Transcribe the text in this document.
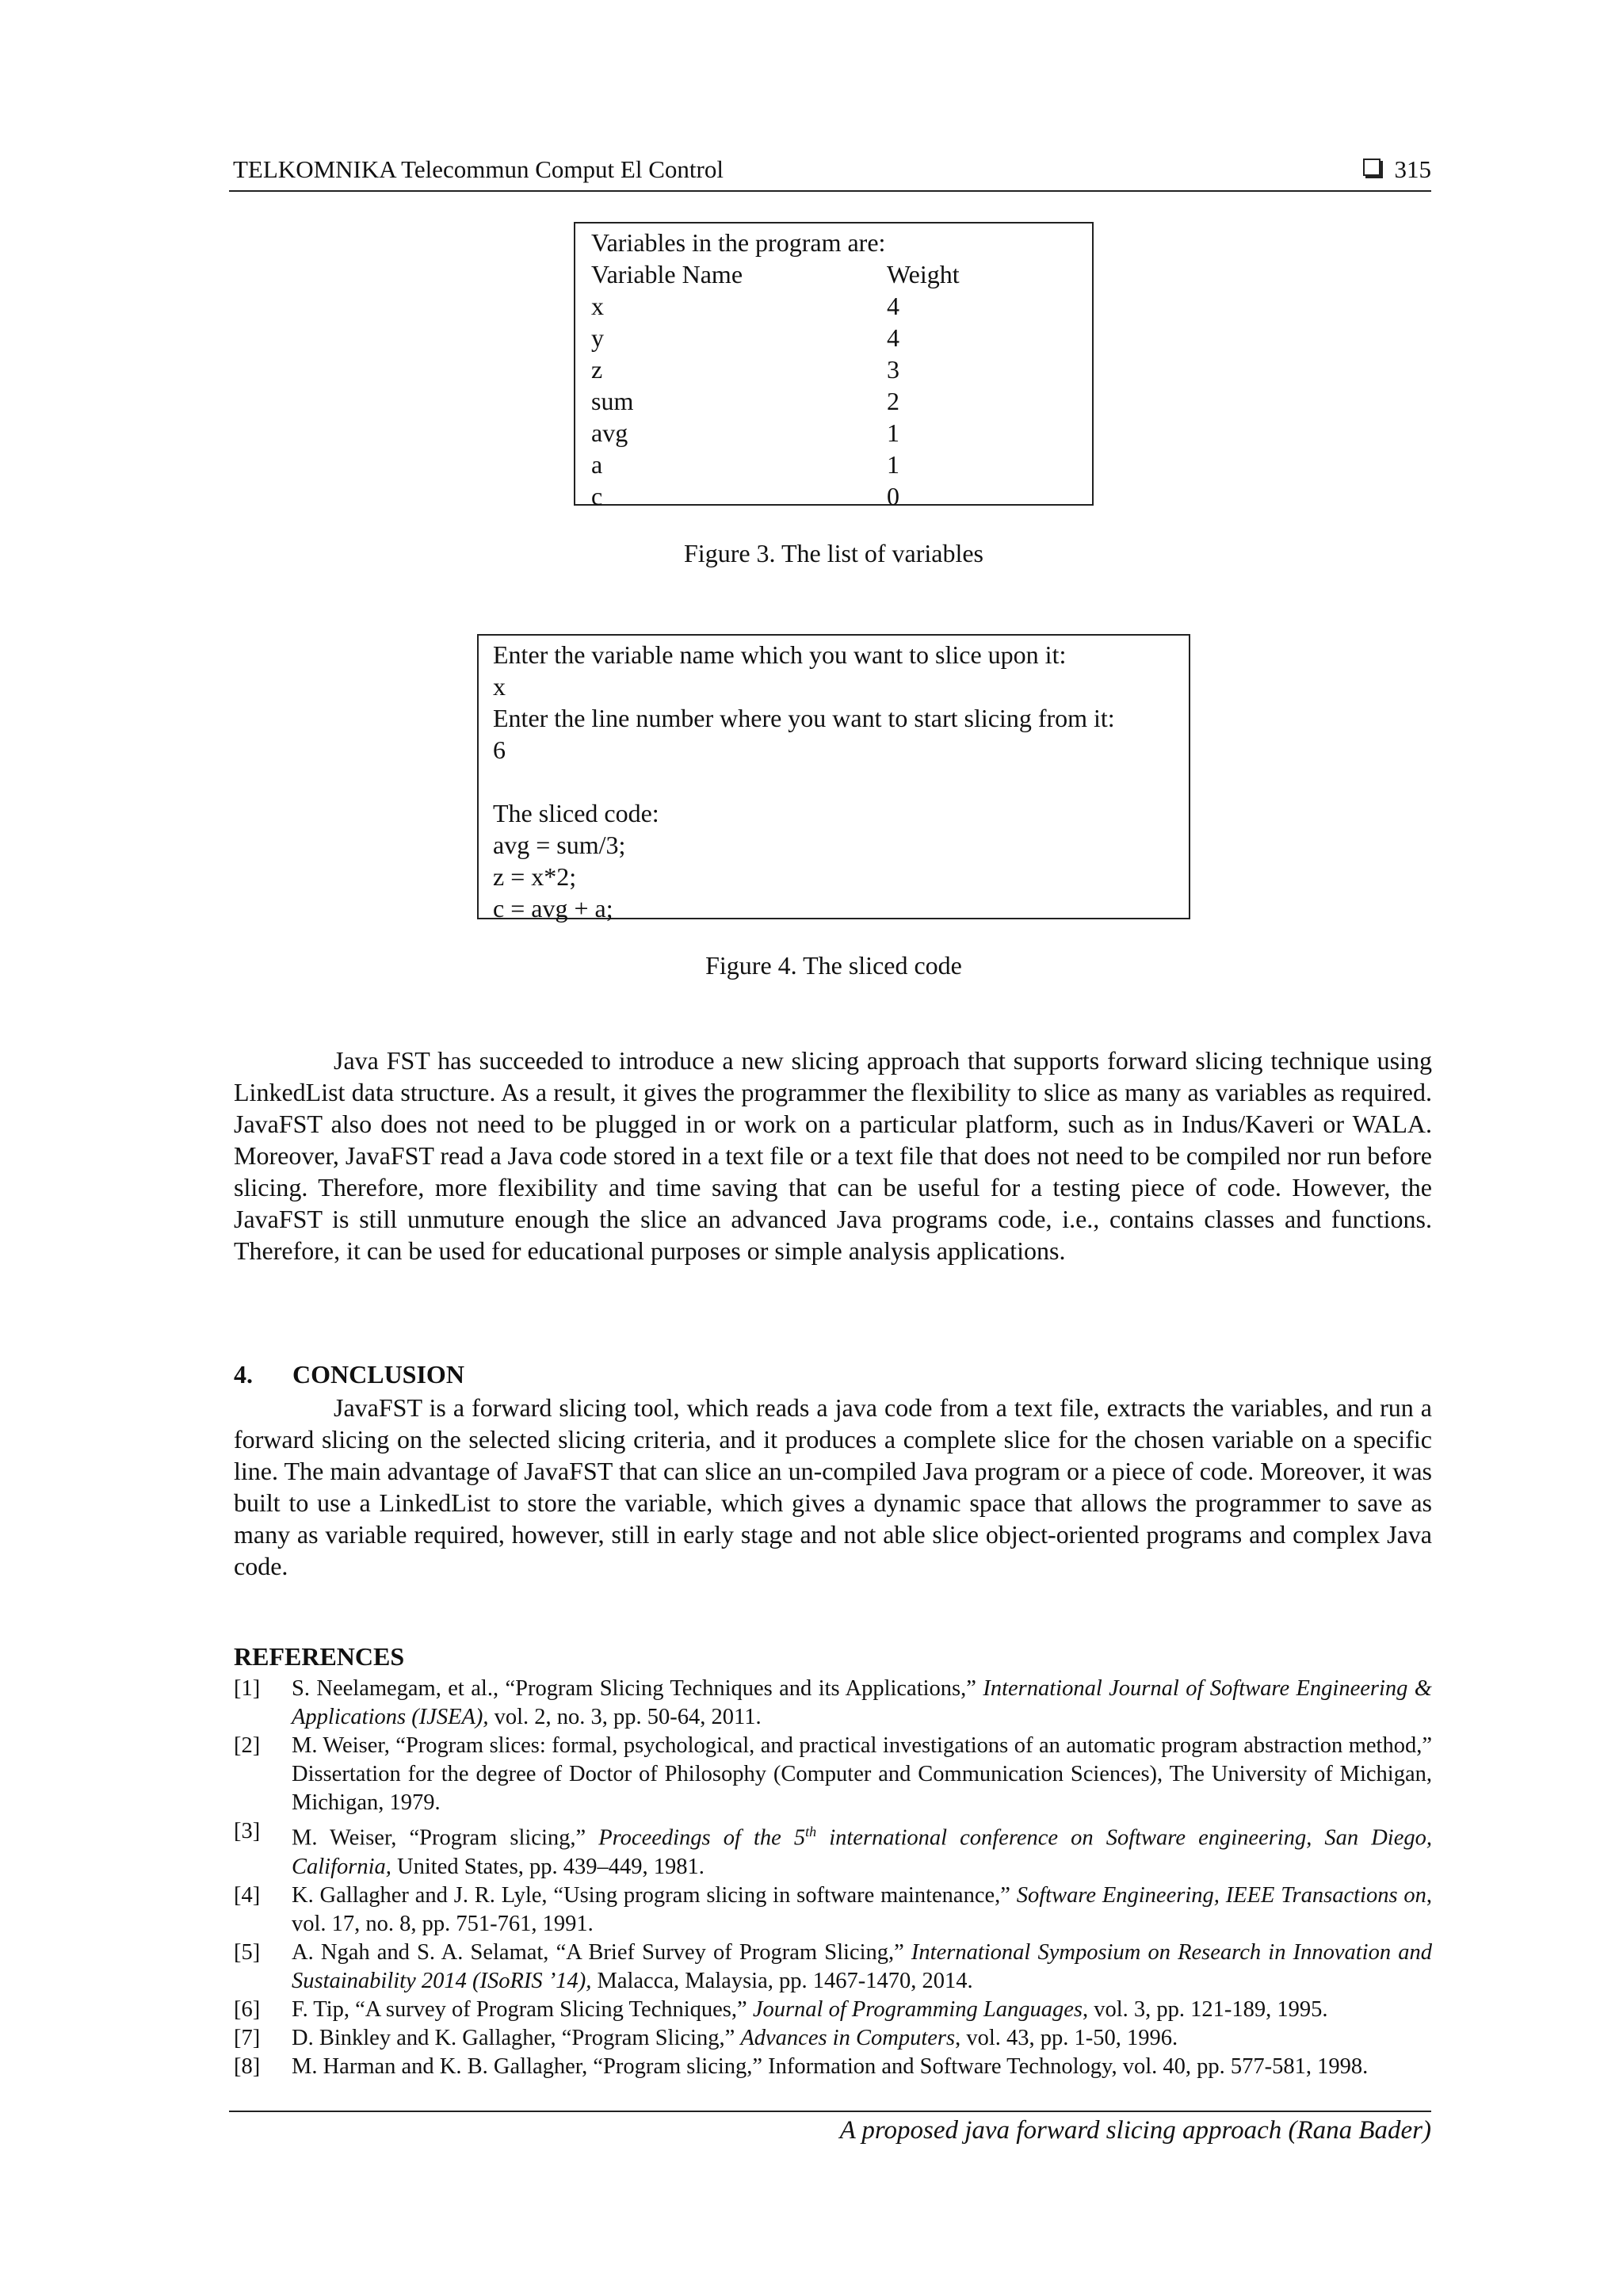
TELKOMNIKA Telecommun Comput El Control	315
Variables in the program are:
Variable Name	Weight
x	4
y	4
z	3
sum	2
avg	1
a	1
c	0
Figure 3. The list of variables
Enter the variable name which you want to slice upon it:
x
Enter the line number where you want to start slicing from it:
6
The sliced code:
avg = sum/3;
z = x*2;
c = avg + a;
Figure 4. The sliced code

Java FST has succeeded to introduce a new slicing approach that supports forward slicing technique using LinkedList data structure. As a result, it gives the programmer the flexibility to slice as many as variables as required. JavaFST also does not need to be plugged in or work on a particular platform, such as in Indus/Kaveri or WALA. Moreover, JavaFST read a Java code stored in a text file or a text file that does not need to be compiled nor run before slicing. Therefore, more flexibility and time saving that can be useful for a testing piece of code. However, the JavaFST is still unmuture enough the slice an advanced Java programs code, i.e., contains classes and functions. Therefore, it can be used for educational purposes or simple analysis applications.

4. CONCLUSION

JavaFST is a forward slicing tool, which reads a java code from a text file, extracts the variables, and run a forward slicing on the selected slicing criteria, and it produces a complete slice for the chosen variable on a specific line. The main advantage of JavaFST that can slice an un-compiled Java program or a piece of code. Moreover, it was built to use a LinkedList to store the variable, which gives a dynamic space that allows the programmer to save as many as variable required, however, still in early stage and not able slice object-oriented programs and complex Java code.

REFERENCES
[1]	S. Neelamegam, et al., “Program Slicing Techniques and its Applications,” International Journal of Software Engineering & Applications (IJSEA), vol. 2, no. 3, pp. 50-64, 2011.
[2]	M. Weiser, “Program slices: formal, psychological, and practical investigations of an automatic program abstraction method,” Dissertation for the degree of Doctor of Philosophy (Computer and Communication Sciences), The University of Michigan, Michigan, 1979.
[3]	M. Weiser, “Program slicing,” Proceedings of the 5th international conference on Software engineering, San Diego, California, United States, pp. 439–449, 1981.
[4]	K. Gallagher and J. R. Lyle, “Using program slicing in software maintenance,” Software Engineering, IEEE Transactions on, vol. 17, no. 8, pp. 751-761, 1991.
[5]	A. Ngah and S. A. Selamat, “A Brief Survey of Program Slicing,” International Symposium on Research in Innovation and Sustainability 2014 (ISoRIS ’14), Malacca, Malaysia, pp. 1467-1470, 2014.
[6]	F. Tip, “A survey of Program Slicing Techniques,” Journal of Programming Languages, vol. 3, pp. 121-189, 1995.
[7]	D. Binkley and K. Gallagher, “Program Slicing,” Advances in Computers, vol. 43, pp. 1-50, 1996.
[8]	M. Harman and K. B. Gallagher, “Program slicing,” Information and Software Technology, vol. 40, pp. 577-581, 1998.
A proposed java forward slicing approach (Rana Bader)
